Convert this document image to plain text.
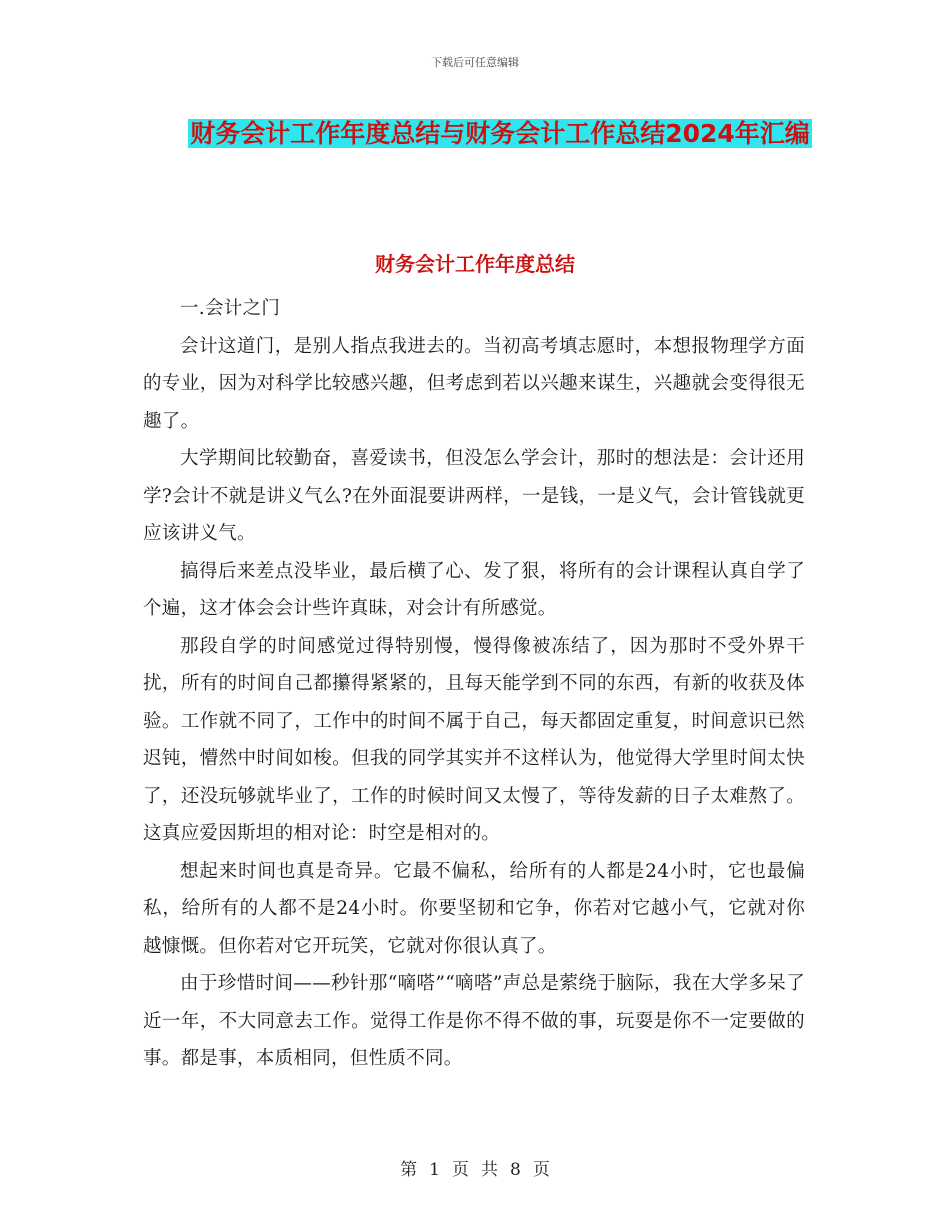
下载后可任意编辑
财务会计工作年度总结与财务会计工作总结2024年汇编
财务会计工作年度总结

一.会计之门

会计这道门，是别人指点我进去的。当初高考填志愿时，本想报物理学方面的专业，因为对科学比较感兴趣，但考虑到若以兴趣来谋生，兴趣就会变得很无趣了。

大学期间比较勤奋，喜爱读书，但没怎么学会计，那时的想法是：会计还用学?会计不就是讲义气么?在外面混要讲两样，一是钱，一是义气，会计管钱就更应该讲义气。

搞得后来差点没毕业，最后横了心、发了狠，将所有的会计课程认真自学了个遍，这才体会会计些许真昧，对会计有所感觉。

那段自学的时间感觉过得特别慢，慢得像被冻结了，因为那时不受外界干扰，所有的时间自己都攥得紧紧的，且每天能学到不同的东西，有新的收获及体验。工作就不同了，工作中的时间不属于自己，每天都固定重复，时间意识已然迟钝，懵然中时间如梭。但我的同学其实并不这样认为，他觉得大学里时间太快了，还没玩够就毕业了，工作的时候时间又太慢了，等待发薪的日子太难熬了。这真应爱因斯坦的相对论：时空是相对的。

想起来时间也真是奇异。它最不偏私，给所有的人都是24小时，它也最偏私，给所有的人都不是24小时。你要坚韧和它争，你若对它越小气，它就对你越慷慨。但你若对它开玩笑，它就对你很认真了。

由于珍惜时间——秒针那“嘀嗒”“嘀嗒”声总是萦绕于脑际，我在大学多呆了近一年，不大同意去工作。觉得工作是你不得不做的事，玩耍是你不一定要做的事。都是事，本质相同，但性质不同。

第 1 页 共 8 页
